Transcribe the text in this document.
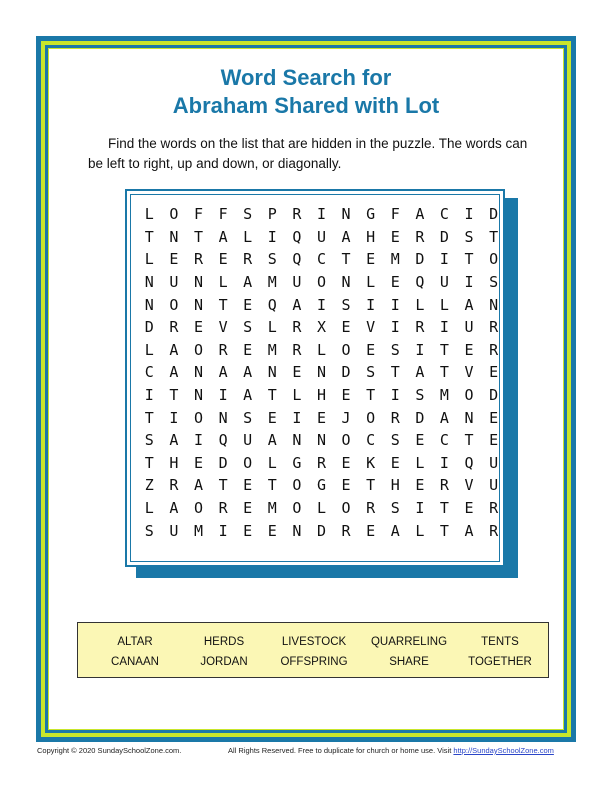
Word Search for
Abraham Shared with Lot
Find the words on the list that are hidden in the puzzle. The words can
be left to right, up and down, or diagonally.
L	O	F	F	S	P	R	I	N	G	F	A	C	I	D
T	N	T	A	L	I	Q	U	A	H	E	R	D	S	T
L	E	R	E	R	S	Q	C	T	E	M	D	I	T	O
N	U	N	L	A	M	U	O	N	L	E	Q	U	I	S
N	O	N	T	E	Q	A	I	S	I	I	L	L	A	N
D	R	E	V	S	L	R	X	E	V	I	R	I	U	R
L	A	O	R	E	M	R	L	O	E	S	I	T	E	R
C	A	N	A	A	N	E	N	D	S	T	A	T	V	E
I	T	N	I	A	T	L	H	E	T	I	S	M	O	D
T	I	O	N	S	E	I	E	J	O	R	D	A	N	E
S	A	I	Q	U	A	N	N	O	C	S	E	C	T	E
T	H	E	D	O	L	G	R	E	K	E	L	I	Q	U
Z	R	A	T	E	T	O	G	E	T	H	E	R	V	U
L	A	O	R	E	M	O	L	O	R	S	I	T	E	R
S	U	M	I	E	E	N	D	R	E	A	L	T	A	R
ALTAR	HERDS	LIVESTOCK	QUARRELING	TENTS
CANAAN	JORDAN	OFFSPRING	SHARE	TOGETHER
Copyright © 2020 SundaySchoolZone.com.	All Rights Reserved. Free to duplicate for church or home use. Visit http://SundaySchoolZone.com
